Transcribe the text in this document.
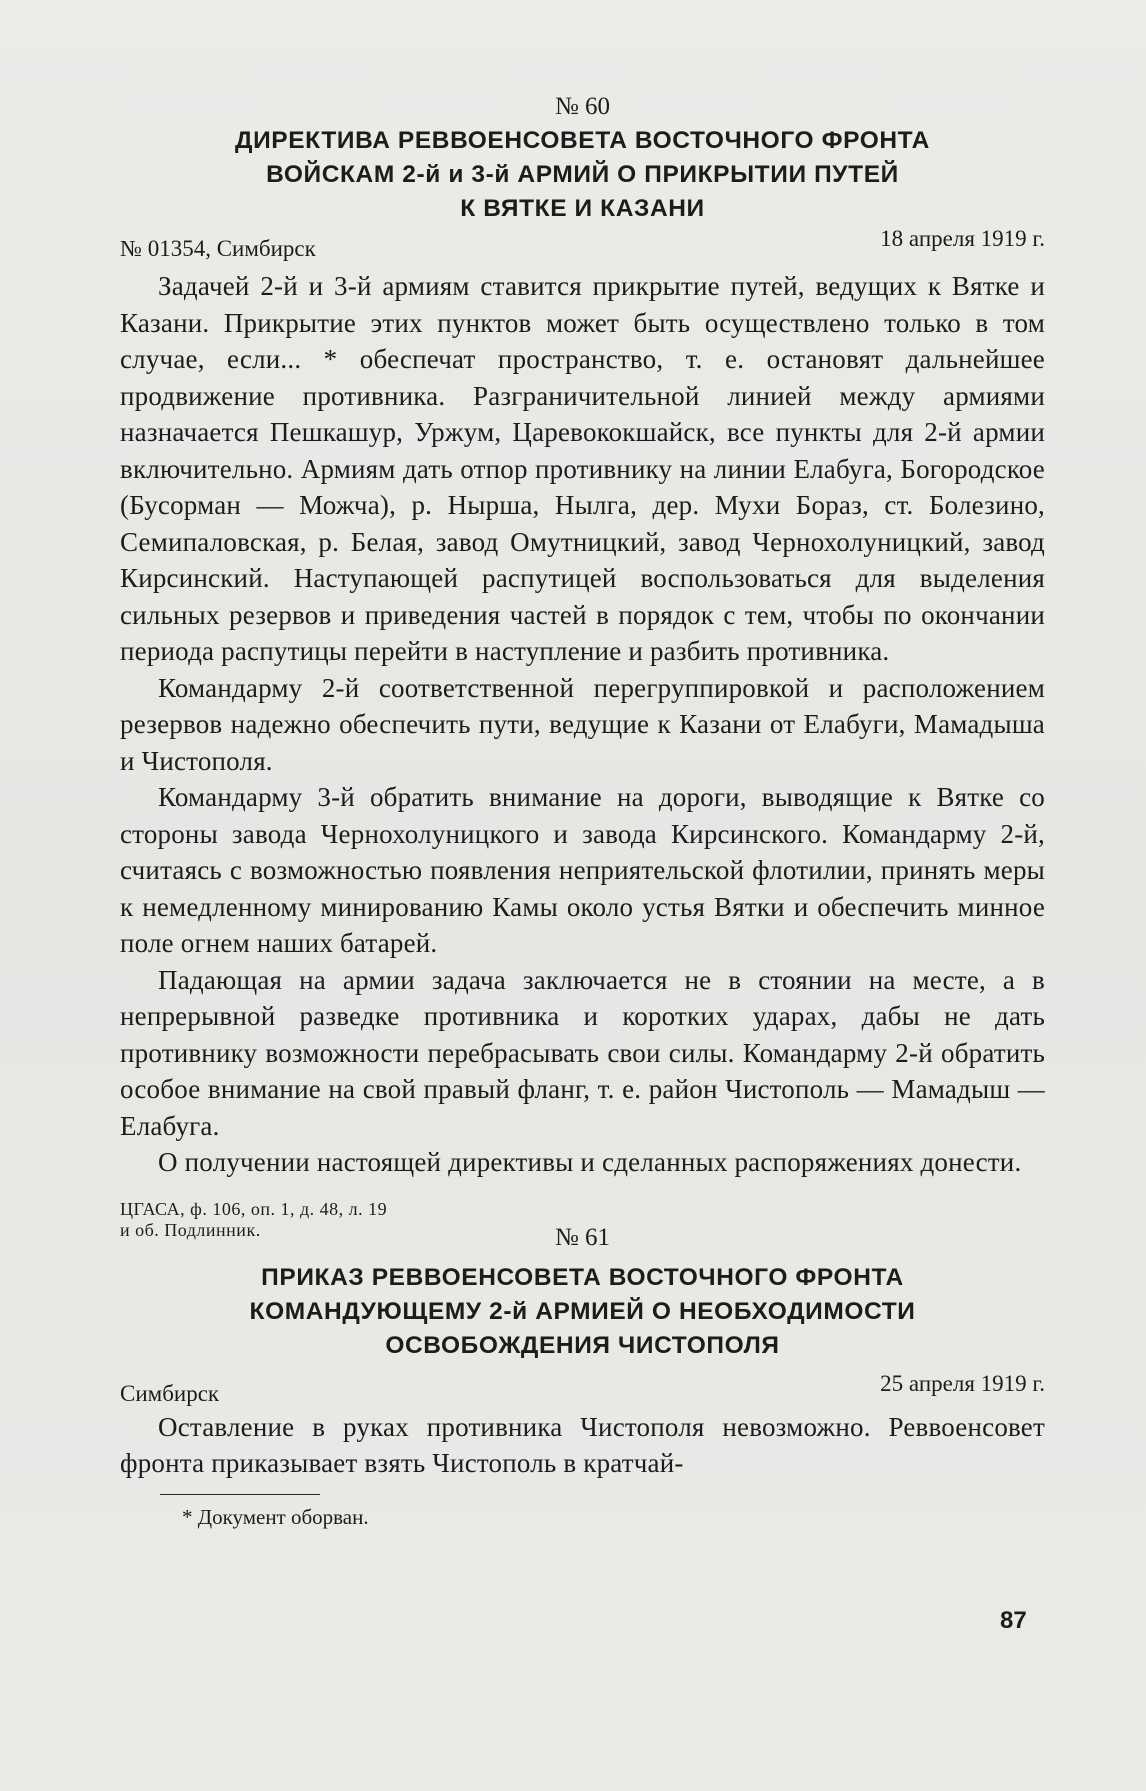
№ 60
ДИРЕКТИВА РЕВВОЕНСОВЕТА ВОСТОЧНОГО ФРОНТА
ВОЙСКАМ 2-й и 3-й АРМИЙ О ПРИКРЫТИИ ПУТЕЙ
К ВЯТКЕ И КАЗАНИ
№ 01354, Симбирск	18 апреля 1919 г.

Задачей 2-й и 3-й армиям ставится прикрытие путей, ведущих к Вятке и Казани. Прикрытие этих пунктов может быть осуществлено только в том случае, если... * обеспечат пространство, т. е. остановят дальнейшее продвижение противника. Разграничительной линией между армиями назначается Пешкашур, Уржум, Царевококшайск, все пункты для 2-й армии включительно. Армиям дать отпор противнику на линии Елабуга, Богородское (Бусорман — Можча), р. Нырша, Нылга, дер. Мухи Бораз, ст. Болезино, Семипаловская, р. Белая, завод Омутницкий, завод Чернохолуницкий, завод Кирсинский. Наступающей распутицей воспользоваться для выделения сильных резервов и приведения частей в порядок с тем, чтобы по окончании периода распутицы перейти в наступление и разбить противника.

Командарму 2-й соответственной перегруппировкой и расположением резервов надежно обеспечить пути, ведущие к Казани от Елабуги, Мамадыша и Чистополя.

Командарму 3-й обратить внимание на дороги, выводящие к Вятке со стороны завода Чернохолуницкого и завода Кирсинского. Командарму 2-й, считаясь с возможностью появления неприятельской флотилии, принять меры к немедленному минированию Камы около устья Вятки и обеспечить минное поле огнем наших батарей.

Падающая на армии задача заключается не в стоянии на месте, а в непрерывной разведке противника и коротких ударах, дабы не дать противнику возможности перебрасывать свои силы. Командарму 2-й обратить особое внимание на свой правый фланг, т. е. район Чистополь — Мамадыш — Елабуга.

О получении настоящей директивы и сделанных распоряжениях донести.

ЦГАСА, ф. 106, оп. 1, д. 48, л. 19
и об. Подлинник.	№ 61
ПРИКАЗ РЕВВОЕНСОВЕТА ВОСТОЧНОГО ФРОНТА
КОМАНДУЮЩЕМУ 2-й АРМИЕЙ О НЕОБХОДИМОСТИ
ОСВОБОЖДЕНИЯ ЧИСТОПОЛЯ
Симбирск	25 апреля 1919 г.

Оставление в руках противника Чистополя невозможно. Реввоенсовет фронта приказывает взять Чистополь в кратчай-

* Документ оборван.
87
